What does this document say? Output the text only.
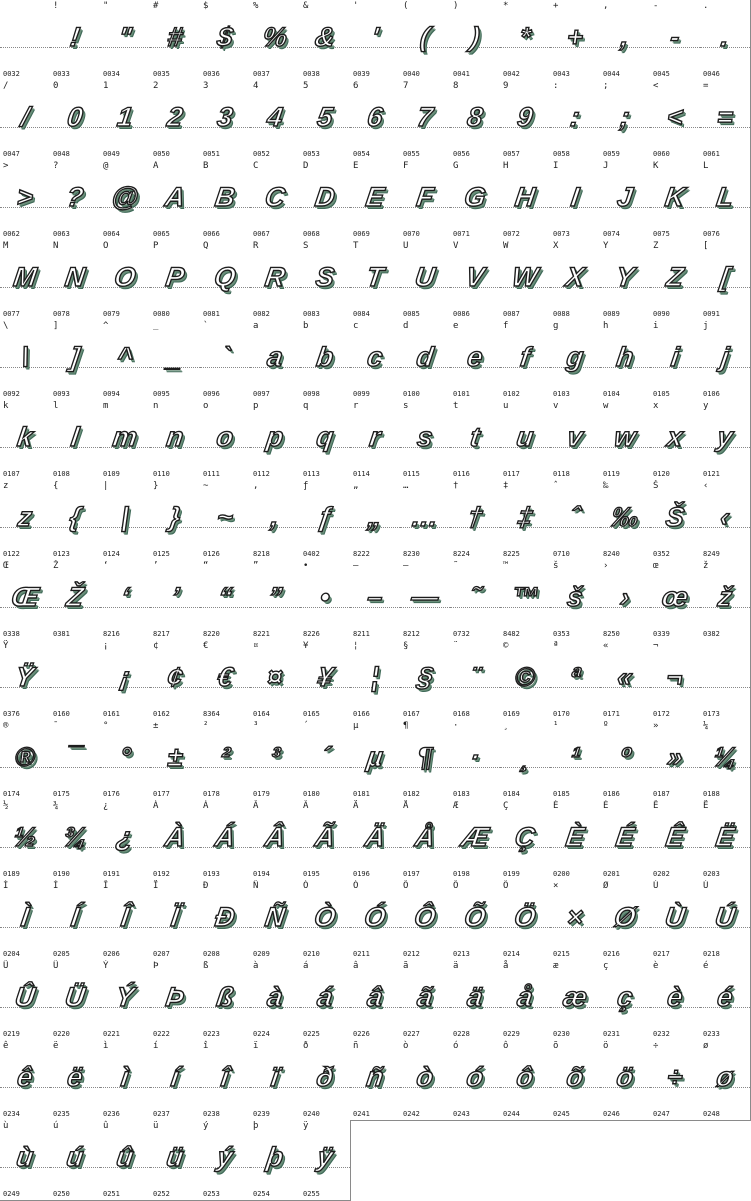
0032
!
!
0033
"
"
0034
#
#
0035
$
$
0036
%
%
0037
&
&
0038
'
'
0039
(
(
0040
)
)
0041
*
*
0042
+
+
0043
,
,
0044
-
-
0045
.
.
0046
/
/
0047
0
0
0048
1
1
0049
2
2
0050
3
3
0051
4
4
0052
5
5
0053
6
6
0054
7
7
0055
8
8
0056
9
9
0057
:
:
0058
;
;
0059
<
<
0060
=
=
0061
>
>
0062
?
?
0063
@
@
0064
A
A
0065
B
B
0066
C
C
0067
D
D
0068
E
E
0069
F
F
0070
G
G
0071
H
H
0072
I
I
0073
J
J
0074
K
K
0075
L
L
0076
M
M
0077
N
N
0078
O
O
0079
P
P
0080
Q
Q
0081
R
R
0082
S
S
0083
T
T
0084
U
U
0085
V
V
0086
W
W
0087
X
X
0088
Y
Y
0089
Z
Z
0090
[
[
0091
\
\
0092
]
]
0093
^
^
0094
_
_
0095
`
`
0096
a
a
0097
b
b
0098
c
c
0099
d
d
0100
e
e
0101
f
f
0102
g
g
0103
h
h
0104
i
i
0105
j
j
0106
k
k
0107
l
l
0108
m
m
0109
n
n
0110
o
o
0111
p
p
0112
q
q
0113
r
r
0114
s
s
0115
t
t
0116
u
u
0117
v
v
0118
w
w
0119
x
x
0120
y
y
0121
z
z
0122
{
{
0123
|
|
0124
}
}
0125
~
~
0126
,
,
8218
ƒ
ƒ
0402
„
„
8222
…
…
8230
†
†
8224
‡
‡
8225
ˆ
ˆ
0710
‰
‰
8240
Š
Š
0352
‹
‹
8249
Œ
Œ
0338
Ž
Ž
0381
‘
‘
8216
’
’
8217
“
“
8220
”
”
8221
•
•
8226
–
–
8211
—
—
8212
˜
˜
0732
™
™
8482
š
š
0353
›
›
8250
œ
œ
0339
ž
ž
0382
Ÿ
Ÿ
0376	0160
¡
¡
0161
¢
¢
0162
€
€
8364
¤
¤
0164
¥
¥
0165
¦
¦
0166
§
§
0167
¨
¨
0168
©
©
0169
ª
ª
0170
«
«
0171
¬
¬
0172	0173
®
®
0174
¯
¯
0175
°
°
0176
±
±
0177
²
²
0178
³
³
0179
´
´
0180
µ
µ
0181
¶
¶
0182
·
·
0183
¸
¸
0184
¹
¹
0185
º
º
0186
»
»
0187
¼
¼
0188
½
½
0189
¾
¾
0190
¿
¿
0191
À
À
0192
Á
Á
0193
Â
Â
0194
Ã
Ã
0195
Ä
Ä
0196
Å
Å
0197
Æ
Æ
0198
Ç
Ç
0199
È
È
0200
É
É
0201
Ê
Ê
0202
Ë
Ë
0203
Ì
Ì
0204
Í
Í
0205
Î
Î
0206
Ï
Ï
0207
Ð
Ð
0208
Ñ
Ñ
0209
Ò
Ò
0210
Ó
Ó
0211
Ô
Ô
0212
Õ
Õ
0213
Ö
Ö
0214
×
×
0215
Ø
Ø
0216
Ù
Ù
0217
Ú
Ú
0218
Û
Û
0219
Ü
Ü
0220
Ý
Ý
0221
Þ
Þ
0222
ß
ß
0223
à
à
0224
á
á
0225
â
â
0226
ã
ã
0227
ä
ä
0228
å
å
0229
æ
æ
0230
ç
ç
0231
è
è
0232
é
é
0233
ê
ê
0234
ë
ë
0235
ì
ì
0236
í
í
0237
î
î
0238
ï
ï
0239
ð
ð
0240
ñ
ñ
0241
ò
ò
0242
ó
ó
0243
ô
ô
0244
õ
õ
0245
ö
ö
0246
÷
÷
0247
ø
ø
0248
ù
ù
0249
ú
ú
0250
û
û
0251
ü
ü
0252
ý
ý
0253
þ
þ
0254
ÿ
ÿ
0255
